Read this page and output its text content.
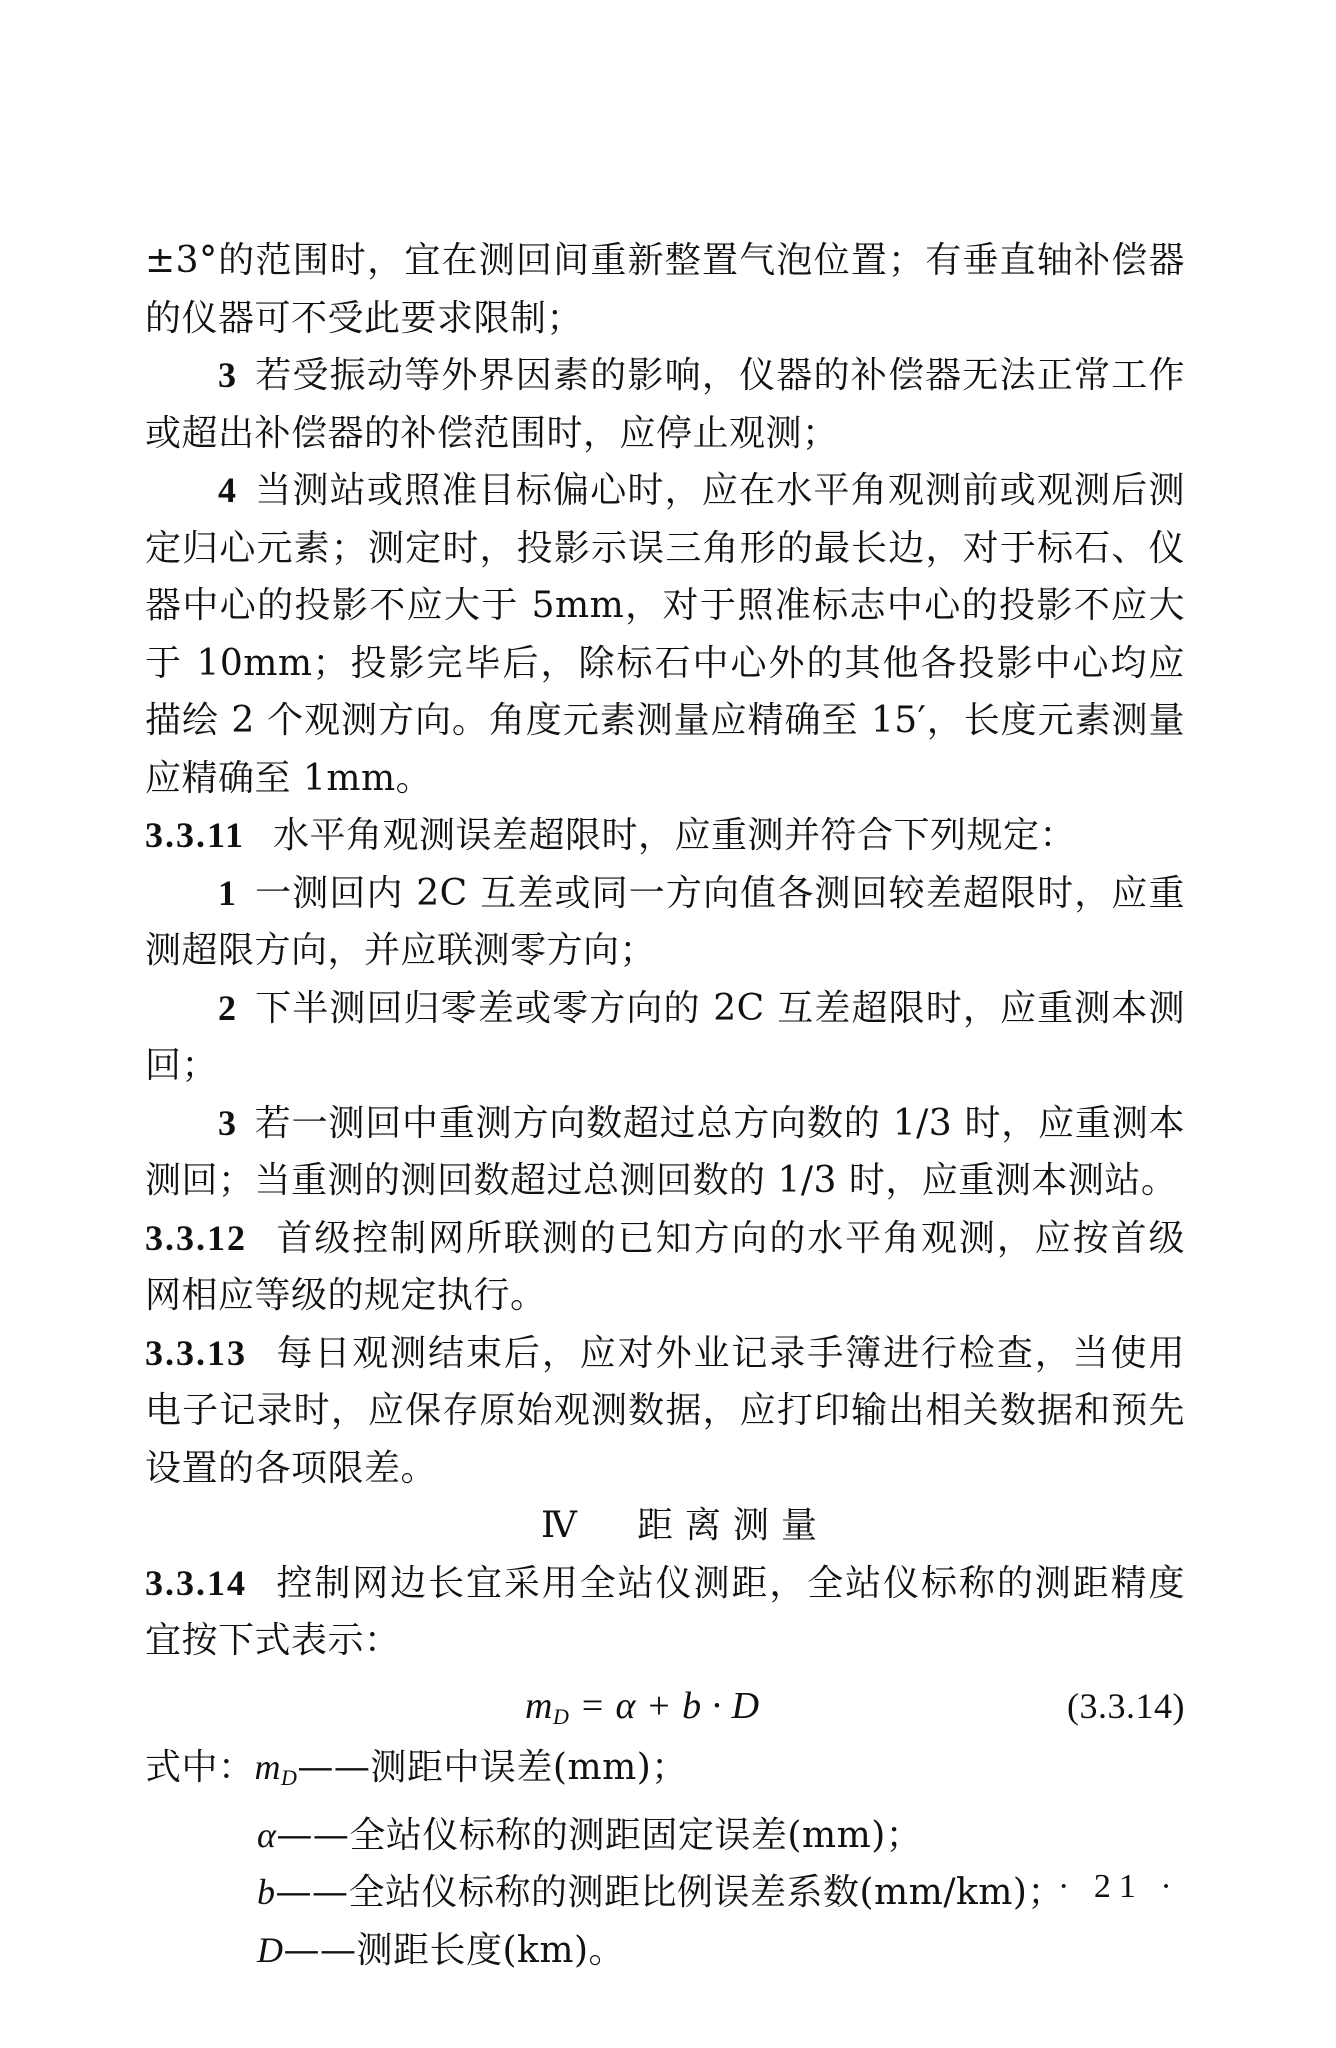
±3°的范围时，宜在测回间重新整置气泡位置；有垂直轴补偿器的仪器可不受此要求限制；

3 若受振动等外界因素的影响，仪器的补偿器无法正常工作或超出补偿器的补偿范围时，应停止观测；

4 当测站或照准目标偏心时，应在水平角观测前或观测后测定归心元素；测定时，投影示误三角形的最长边，对于标石、仪器中心的投影不应大于 5mm，对于照准标志中心的投影不应大于 10mm；投影完毕后，除标石中心外的其他各投影中心均应描绘 2 个观测方向。角度元素测量应精确至 15′，长度元素测量应精确至 1mm。

3.3.11 水平角观测误差超限时，应重测并符合下列规定：

1 一测回内 2C 互差或同一方向值各测回较差超限时，应重测超限方向，并应联测零方向；

2 下半测回归零差或零方向的 2C 互差超限时，应重测本测回；

3 若一测回中重测方向数超过总方向数的 1/3 时，应重测本测回；当重测的测回数超过总测回数的 1/3 时，应重测本测站。

3.3.12 首级控制网所联测的已知方向的水平角观测，应按首级网相应等级的规定执行。

3.3.13 每日观测结束后，应对外业记录手簿进行检查，当使用电子记录时，应保存原始观测数据，应打印输出相关数据和预先设置的各项限差。

Ⅳ  距离测量

3.3.14 控制网边长宜采用全站仪测距，全站仪标称的测距精度宜按下式表示：

$m_D = \alpha + b \cdot D$	(3.3.14)

式中：mD——测距中误差(mm)；

α——全站仪标称的测距固定误差(mm)；

b——全站仪标称的测距比例误差系数(mm/km)；

D——测距长度(km)。

· 21 ·
